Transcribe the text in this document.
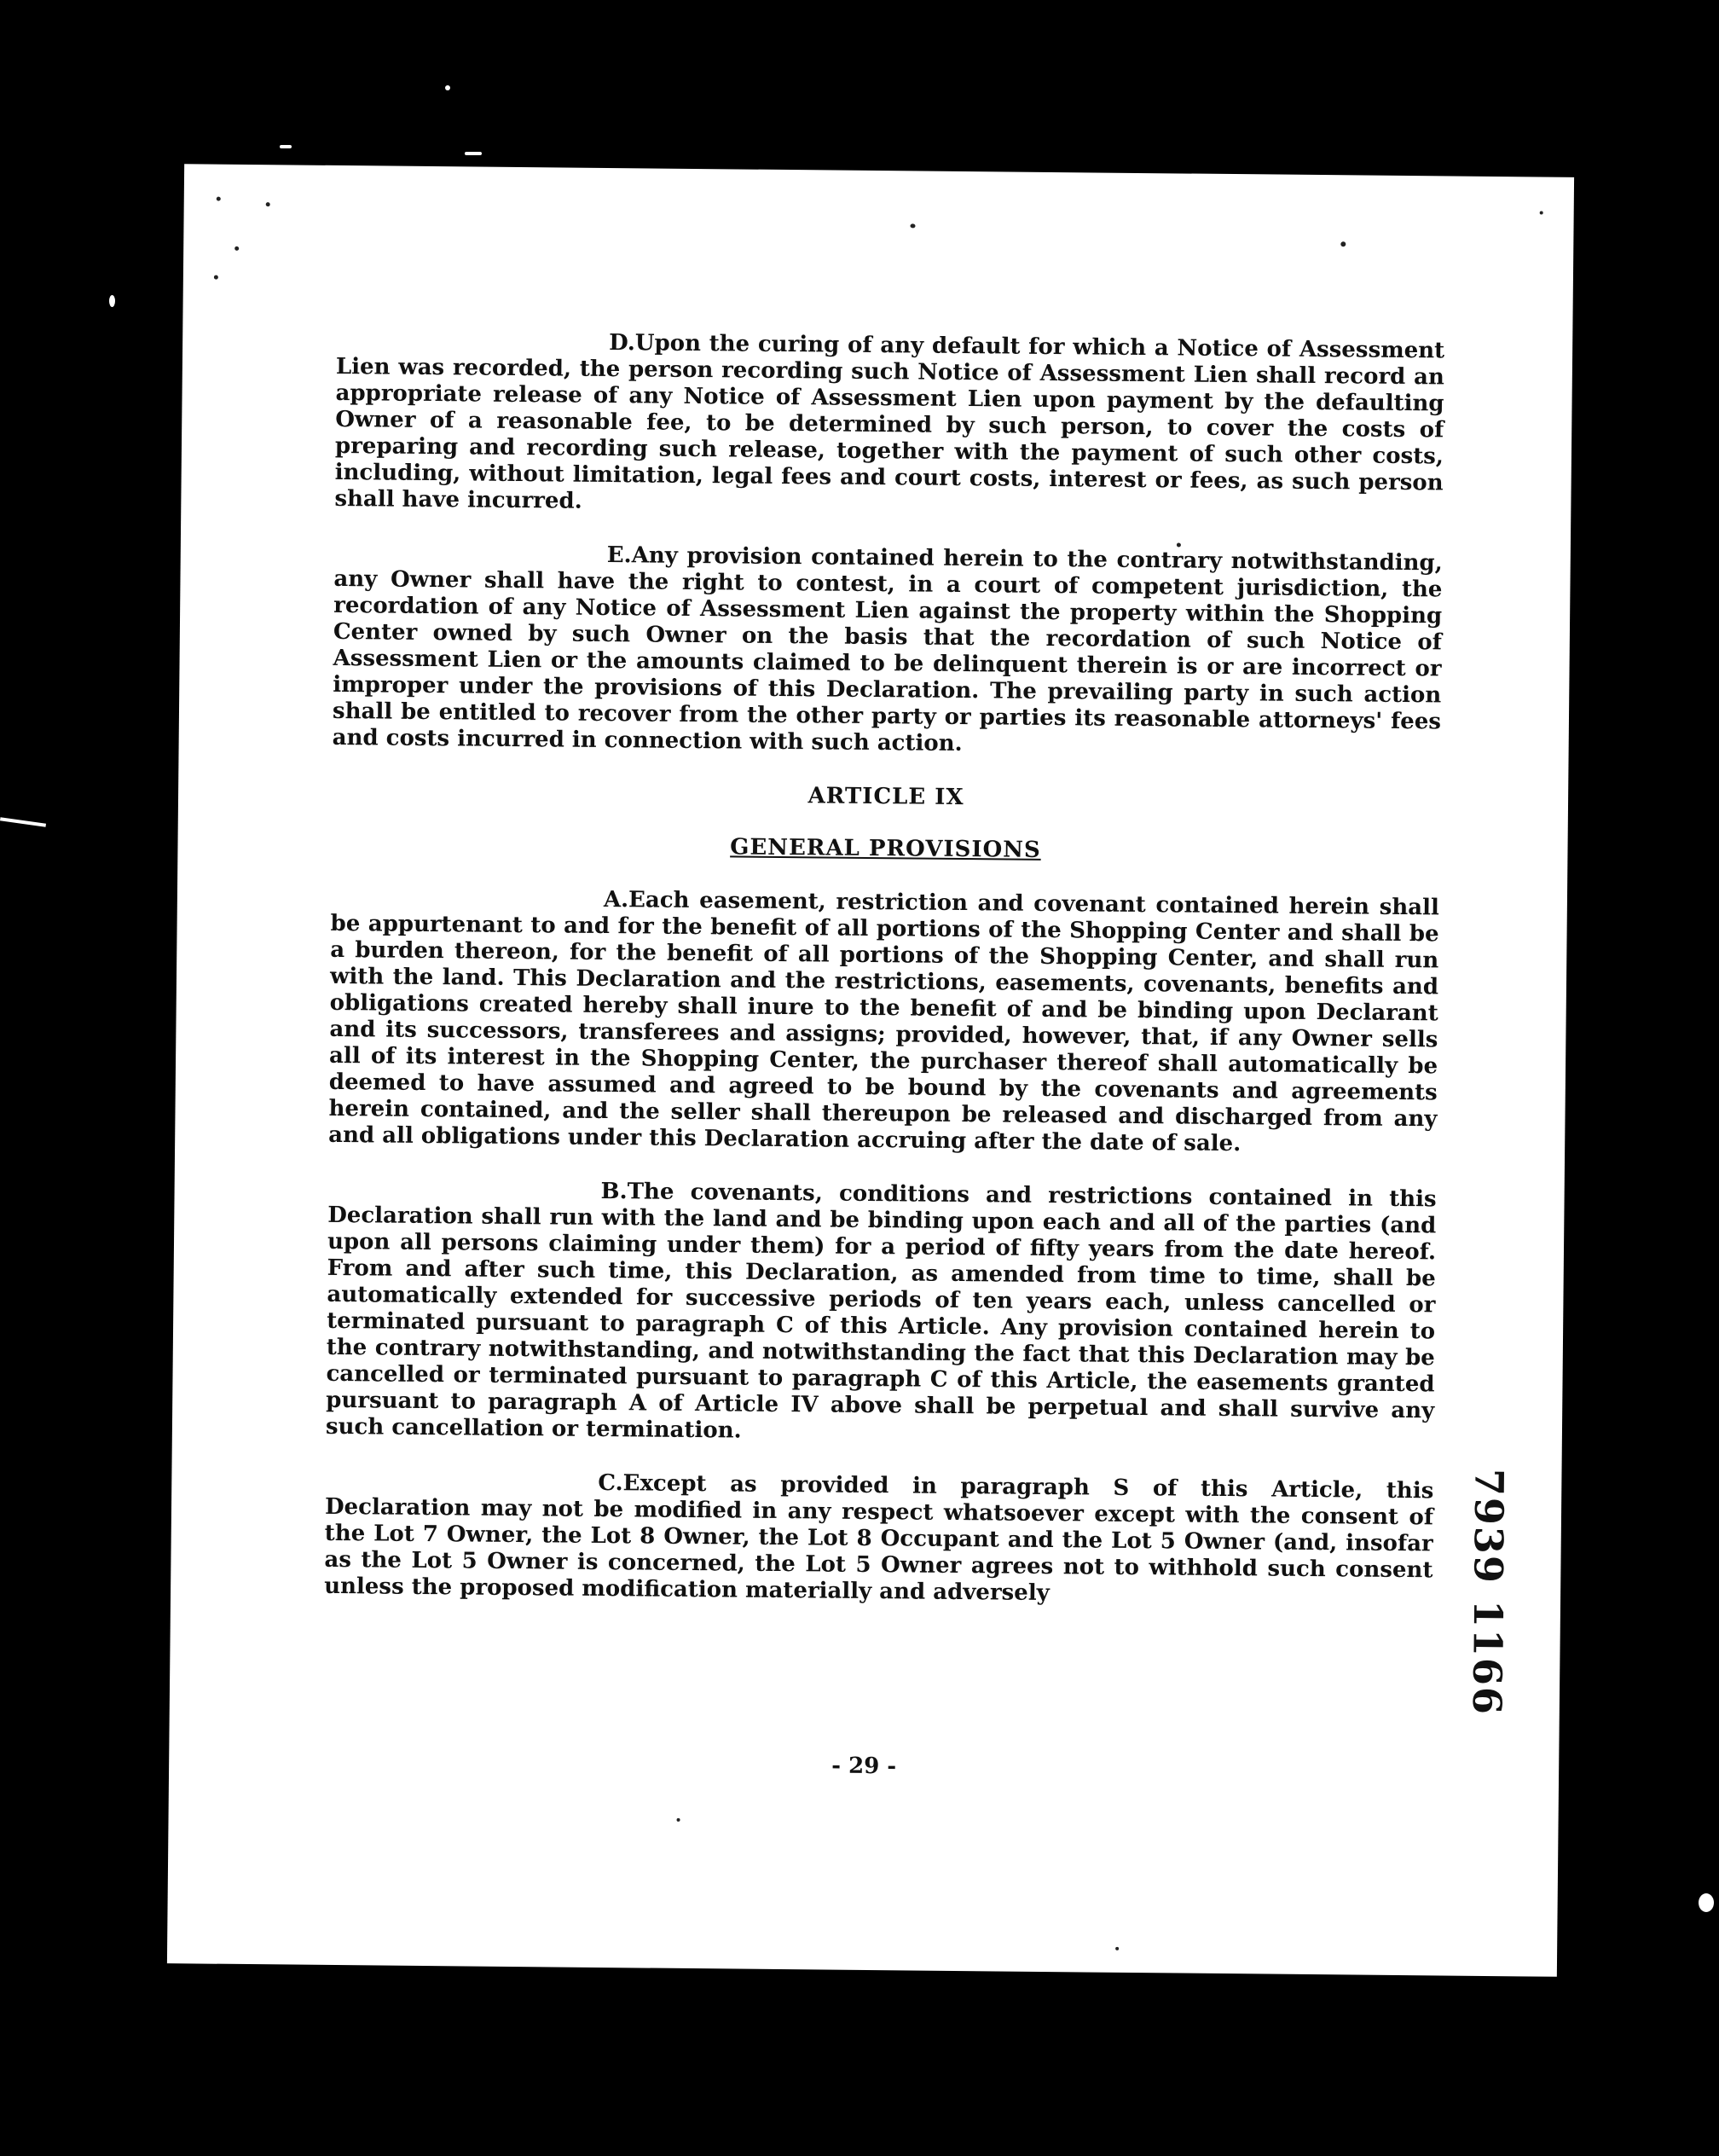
D.Upon the curing of any default for which a Notice of Assessment Lien was recorded, the person recording such Notice of Assessment Lien shall record an appropriate release of any Notice of Assessment Lien upon payment by the defaulting Owner of a reasonable fee, to be determined by such person, to cover the costs of preparing and recording such release, together with the payment of such other costs, including, without limitation, legal fees and court costs, interest or fees, as such person shall have incurred.

E.Any provision contained herein to the contrary notwithstanding, any Owner shall have the right to contest, in a court of competent jurisdiction, the recordation of any Notice of Assessment Lien against the property within the Shopping Center owned by such Owner on the basis that the recordation of such Notice of Assessment Lien or the amounts claimed to be delinquent therein is or are incorrect or improper under the provisions of this Declaration. The prevailing party in such action shall be entitled to recover from the other party or parties its reasonable attorneys' fees and costs incurred in connection with such action.

ARTICLE IX
GENERAL PROVISIONS

A.Each easement, restriction and covenant contained herein shall be appurtenant to and for the benefit of all portions of the Shopping Center and shall be a burden thereon, for the benefit of all portions of the Shopping Center, and shall run with the land. This Declaration and the restrictions, easements, covenants, benefits and obligations created hereby shall inure to the benefit of and be binding upon Declarant and its successors, transferees and assigns; provided, however, that, if any Owner sells all of its interest in the Shopping Center, the purchaser thereof shall automatically be deemed to have assumed and agreed to be bound by the covenants and agreements herein contained, and the seller shall thereupon be released and discharged from any and all obligations under this Declaration accruing after the date of sale.

B.The covenants, conditions and restrictions contained in this Declaration shall run with the land and be binding upon each and all of the parties (and upon all persons claiming under them) for a period of fifty years from the date hereof. From and after such time, this Declaration, as amended from time to time, shall be automatically extended for successive periods of ten years each, unless cancelled or terminated pursuant to paragraph C of this Article. Any provision contained herein to the contrary notwithstanding, and notwithstanding the fact that this Declaration may be cancelled or terminated pursuant to paragraph C of this Article, the easements granted pursuant to paragraph A of Article IV above shall be perpetual and shall survive any such cancellation or termination.

C.Except as provided in paragraph S of this Article, this Declaration may not be modified in any respect whatsoever except with the consent of the Lot 7 Owner, the Lot 8 Owner, the Lot 8 Occupant and the Lot 5 Owner (and, insofar as the Lot 5 Owner is concerned, the Lot 5 Owner agrees not to withhold such consent unless the proposed modification materially and adversely

- 29 -
7939 1166
